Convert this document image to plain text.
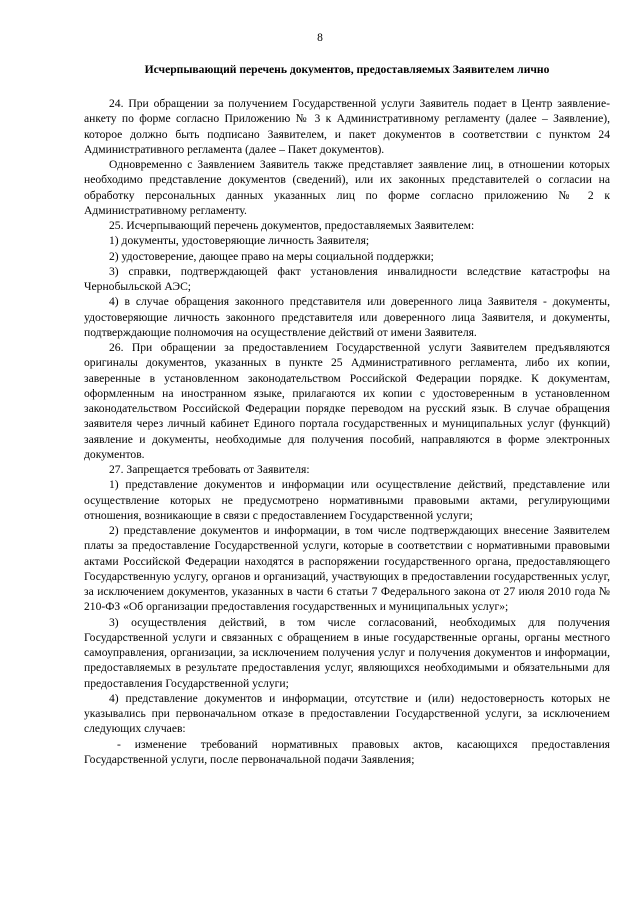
8
Исчерпывающий перечень документов, предоставляемых Заявителем лично

24. При обращении за получением Государственной услуги Заявитель подает в Центр заявление-анкету по форме согласно Приложению № 3 к Административному регламенту (далее – Заявление), которое должно быть подписано Заявителем, и пакет документов в соответствии с пунктом 24 Административного регламента (далее – Пакет документов).

Одновременно с Заявлением Заявитель также представляет заявление лиц, в отношении которых необходимо представление документов (сведений), или их законных представителей о согласии на обработку персональных данных указанных лиц по форме согласно приложению № 2 к Административному регламенту.

25. Исчерпывающий перечень документов, предоставляемых Заявителем:

1) документы, удостоверяющие личность Заявителя;

2) удостоверение, дающее право на меры социальной поддержки;

3) справки, подтверждающей факт установления инвалидности вследствие катастрофы на Чернобыльской АЭС;

4) в случае обращения законного представителя или доверенного лица Заявителя - документы, удостоверяющие личность законного представителя или доверенного лица Заявителя, и документы, подтверждающие полномочия на осуществление действий от имени Заявителя.

26. При обращении за предоставлением Государственной услуги Заявителем предъявляются оригиналы документов, указанных в пункте 25 Административного регламента, либо их копии, заверенные в установленном законодательством Российской Федерации порядке. К документам, оформленным на иностранном языке, прилагаются их копии с удостоверенным в установленном законодательством Российской Федерации порядке переводом на русский язык. В случае обращения заявителя через личный кабинет Единого портала государственных и муниципальных услуг (функций) заявление и документы, необходимые для получения пособий, направляются в форме электронных документов.

27. Запрещается требовать от Заявителя:

1) представление документов и информации или осуществление действий, представление или осуществление которых не предусмотрено нормативными правовыми актами, регулирующими отношения, возникающие в связи с предоставлением Государственной услуги;

2) представление документов и информации, в том числе подтверждающих внесение Заявителем платы за предоставление Государственной услуги, которые в соответствии с нормативными правовыми актами Российской Федерации находятся в распоряжении государственного органа, предоставляющего Государственную услугу, органов и организаций, участвующих в предоставлении государственных услуг, за исключением документов, указанных в части 6 статьи 7 Федерального закона от 27 июля 2010 года № 210-ФЗ «Об организации предоставления государственных и муниципальных услуг»;

3) осуществления действий, в том числе согласований, необходимых для получения Государственной услуги и связанных с обращением в иные государственные органы, органы местного самоуправления, организации, за исключением получения услуг и получения документов и информации, предоставляемых в результате предоставления услуг, являющихся необходимыми и обязательными для предоставления Государственной услуги;

4) представление документов и информации, отсутствие и (или) недостоверность которых не указывались при первоначальном отказе в предоставлении Государственной услуги, за исключением следующих случаев:

- изменение требований нормативных правовых актов, касающихся предоставления Государственной услуги, после первоначальной подачи Заявления;
